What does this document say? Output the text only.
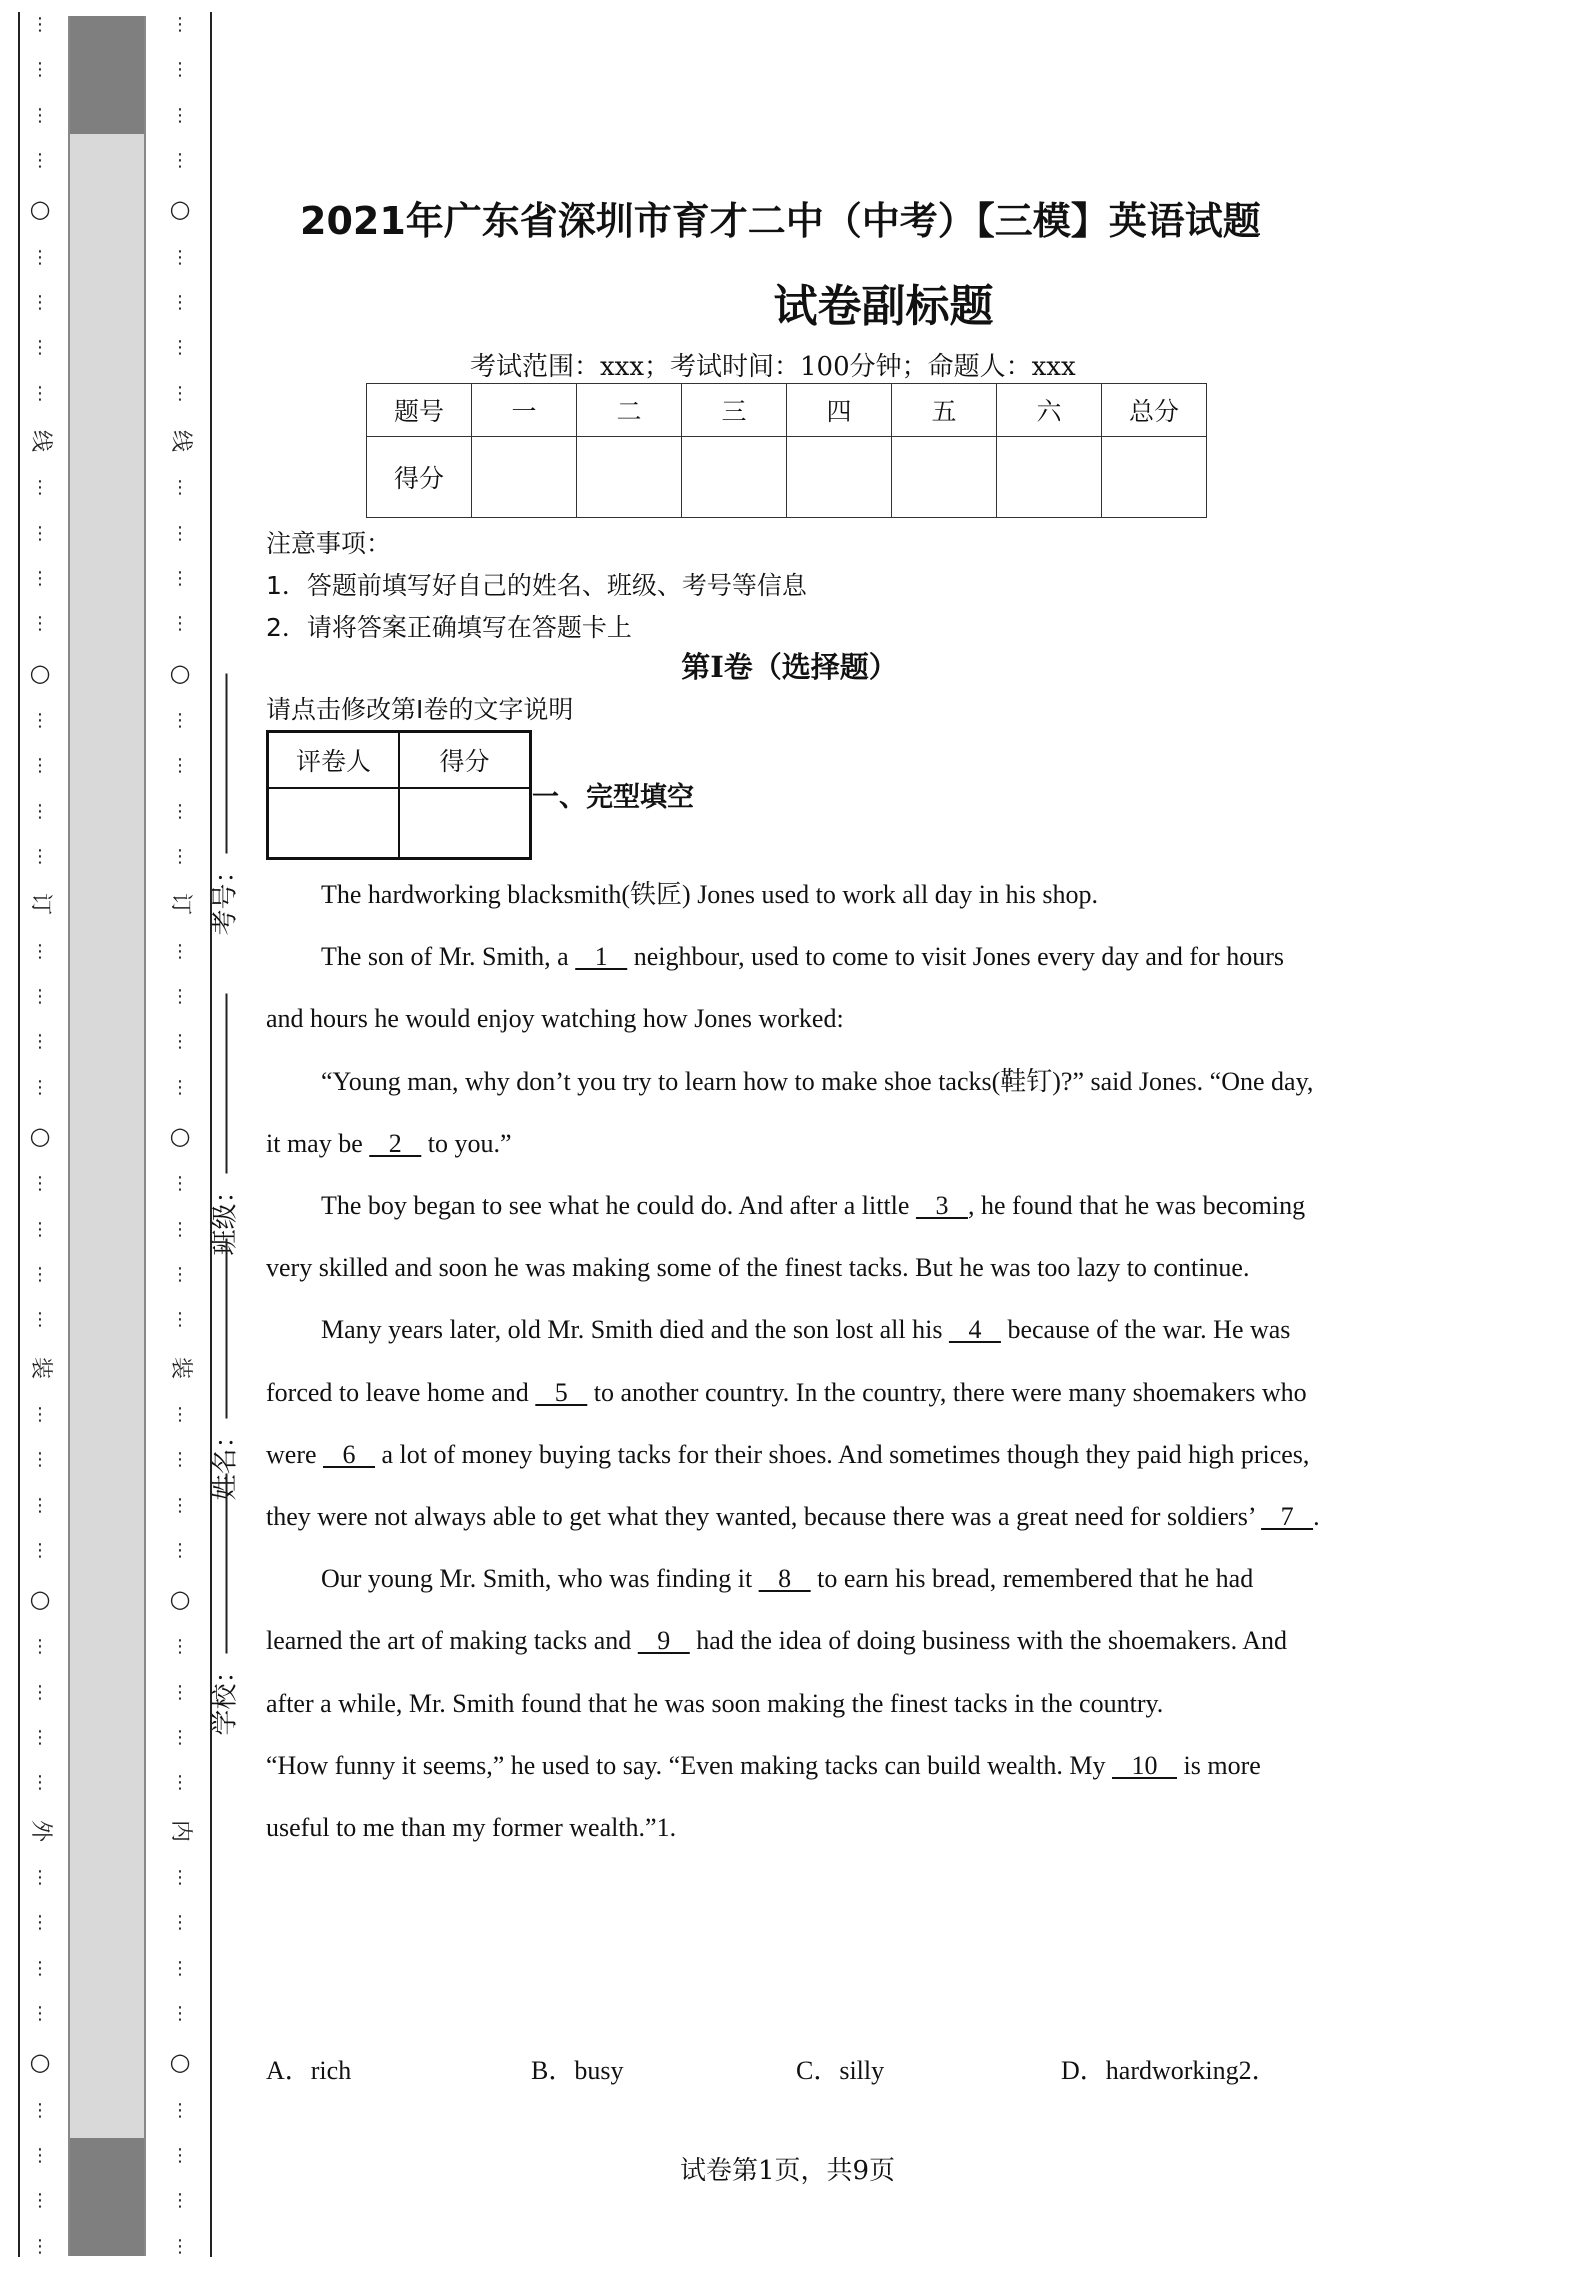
⋮
⋮
⋮
⋮
○
⋮
⋮
⋮
⋮
线
⋮
⋮
⋮
⋮
○
⋮
⋮
⋮
⋮
订
⋮
⋮
⋮
⋮
○
⋮
⋮
⋮
⋮
装
⋮
⋮
⋮
⋮
○
⋮
⋮
⋮
⋮
外
⋮
⋮
⋮
⋮
○
⋮
⋮
⋮
⋮
考号：
班级：
姓名：
学校：
⋮
⋮
⋮
⋮
○
⋮
⋮
⋮
⋮
线
⋮
⋮
⋮
⋮
○
⋮
⋮
⋮
⋮
订
⋮
⋮
⋮
⋮
○
⋮
⋮
⋮
⋮
装
⋮
⋮
⋮
⋮
○
⋮
⋮
⋮
⋮
内
⋮
⋮
⋮
⋮
○
⋮
⋮
⋮
⋮
2021年广东省深圳市育才二中（中考）【三模】英语试题
试卷副标题
考试范围：xxx；考试时间：100分钟；命题人：xxx
题号	一	二	三	四	五	六	总分
得分							
注意事项：
1．答题前填写好自己的姓名、班级、考号等信息
2．请将答案正确填写在答题卡上
第I卷（选择题）
请点击修改第I卷的文字说明
评卷人	得分

一、完型填空

The hardworking blacksmith(铁匠) Jones used to work all day in his shop.

The son of Mr. Smith, a    1    neighbour, used to come to visit Jones every day and for hours and hours he would enjoy watching how Jones worked:

“Young man, why don’t you try to learn how to make shoe tacks(鞋钉)?” said Jones. “One day, it may be    2    to you.”

The boy began to see what he could do. And after a little    3   , he found that he was becoming very skilled and soon he was making some of the finest tacks. But he was too lazy to continue.

Many years later, old Mr. Smith died and the son lost all his    4    because of the war. He was forced to leave home and    5    to another country. In the country, there were many shoemakers who were    6    a lot of money buying tacks for their shoes. And sometimes though they paid high prices, they were not always able to get what they wanted, because there was a great need for soldiers’    7   .

Our young Mr. Smith, who was finding it    8    to earn his bread, remembered that he had learned the art of making tacks and    9    had the idea of doing business with the shoemakers. And after a while, Mr. Smith found that he was soon making the finest tacks in the country.

“How funny it seems,” he used to say. “Even making tacks can build wealth. My    10    is more useful to me than my former wealth.”1.

A．rich	B．busy	C．silly	D．hardworking2．
试卷第1页，共9页
